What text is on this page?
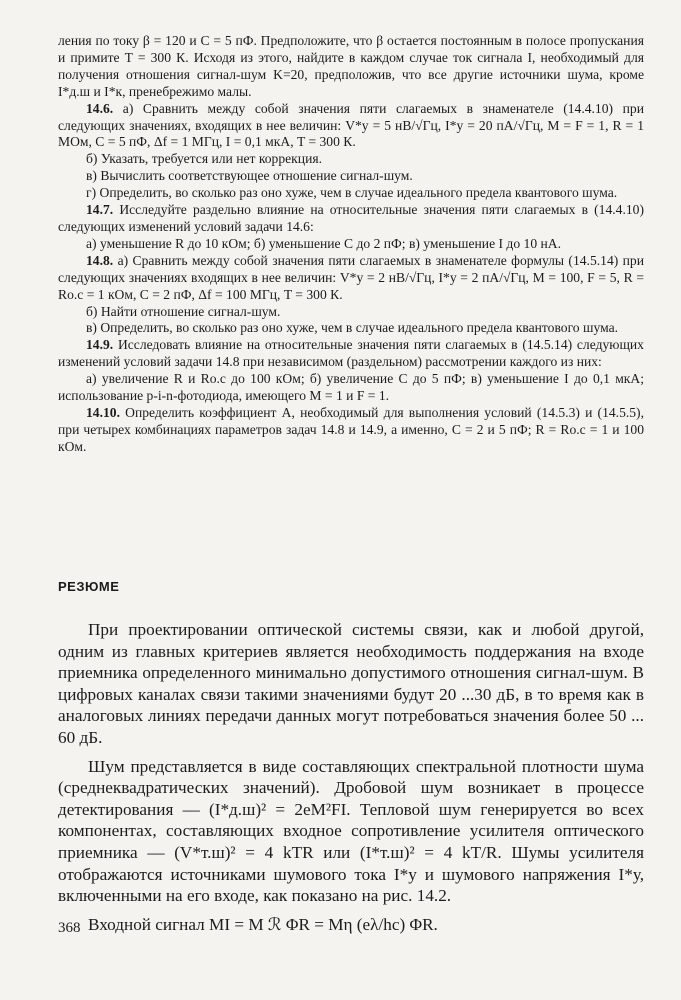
ления по току β = 120 и C = 5 пФ. Предположите, что β остается постоянным в полосе пропускания и примите T = 300 К. Исходя из этого, найдите в каждом случае ток сигнала I, необходимый для получения отношения сигнал-шум K=20, предположив, что все другие источники шума, кроме I*д.ш и I*к, пренебрежимо малы.

14.6. а) Сравнить между собой значения пяти слагаемых в знаменателе (14.4.10) при следующих значениях, входящих в нее величин: V*у = 5 нВ/√Гц, I*у = 20 пА/√Гц, M = F = 1, R = 1 МОм, C = 5 пФ, Δf = 1 МГц, I = 0,1 мкА, T = 300 К.

б) Указать, требуется или нет коррекция.

в) Вычислить соответствующее отношение сигнал-шум.

г) Определить, во сколько раз оно хуже, чем в случае идеального предела квантового шума.

14.7. Исследуйте раздельно влияние на относительные значения пяти слагаемых в (14.4.10) следующих изменений условий задачи 14.6:

а) уменьшение R до 10 кОм; б) уменьшение C до 2 пФ; в) уменьшение I до 10 нА.

14.8. а) Сравнить между собой значения пяти слагаемых в знаменателе формулы (14.5.14) при следующих значениях входящих в нее величин: V*у = 2 нВ/√Гц, I*у = 2 пА/√Гц, M = 100, F = 5, R = Rо.с = 1 кОм, C = 2 пФ, Δf = 100 МГц, T = 300 К.

б) Найти отношение сигнал-шум.

в) Определить, во сколько раз оно хуже, чем в случае идеального предела квантового шума.

14.9. Исследовать влияние на относительные значения пяти слагаемых в (14.5.14) следующих изменений условий задачи 14.8 при независимом (раздельном) рассмотрении каждого из них:

а) увеличение R и Rо.с до 100 кОм; б) увеличение C до 5 пФ; в) уменьшение I до 0,1 мкА; использование p-i-n-фотодиода, имеющего M = 1 и F = 1.

14.10. Определить коэффициент A, необходимый для выполнения условий (14.5.3) и (14.5.5), при четырех комбинациях параметров задач 14.8 и 14.9, а именно, C = 2 и 5 пФ; R = Rо.с = 1 и 100 кОм.

РЕЗЮМЕ

При проектировании оптической системы связи, как и любой другой, одним из главных критериев является необходимость поддержания на входе приемника определенного минимально допустимого отношения сигнал-шум. В цифровых каналах связи такими значениями будут 20 ...30 дБ, в то время как в аналоговых линиях передачи данных могут потребоваться значения более 50 ... 60 дБ.

Шум представляется в виде составляющих спектральной плотности шума (среднеквадратических значений). Дробовой шум возникает в процессе детектирования — (I*д.ш)² = 2eM²FI. Тепловой шум генерируется во всех компонентах, составляющих входное сопротивление усилителя оптического приемника — (V*т.ш)² = 4 kTR или (I*т.ш)² = 4 kT/R. Шумы усилителя отображаются источниками шумового тока I*у и шумового напряжения I*у, включенными на его входе, как показано на рис. 14.2.

Входной сигнал MI = M ℛ ΦR = Mη (eλ/hc) ΦR.

368
